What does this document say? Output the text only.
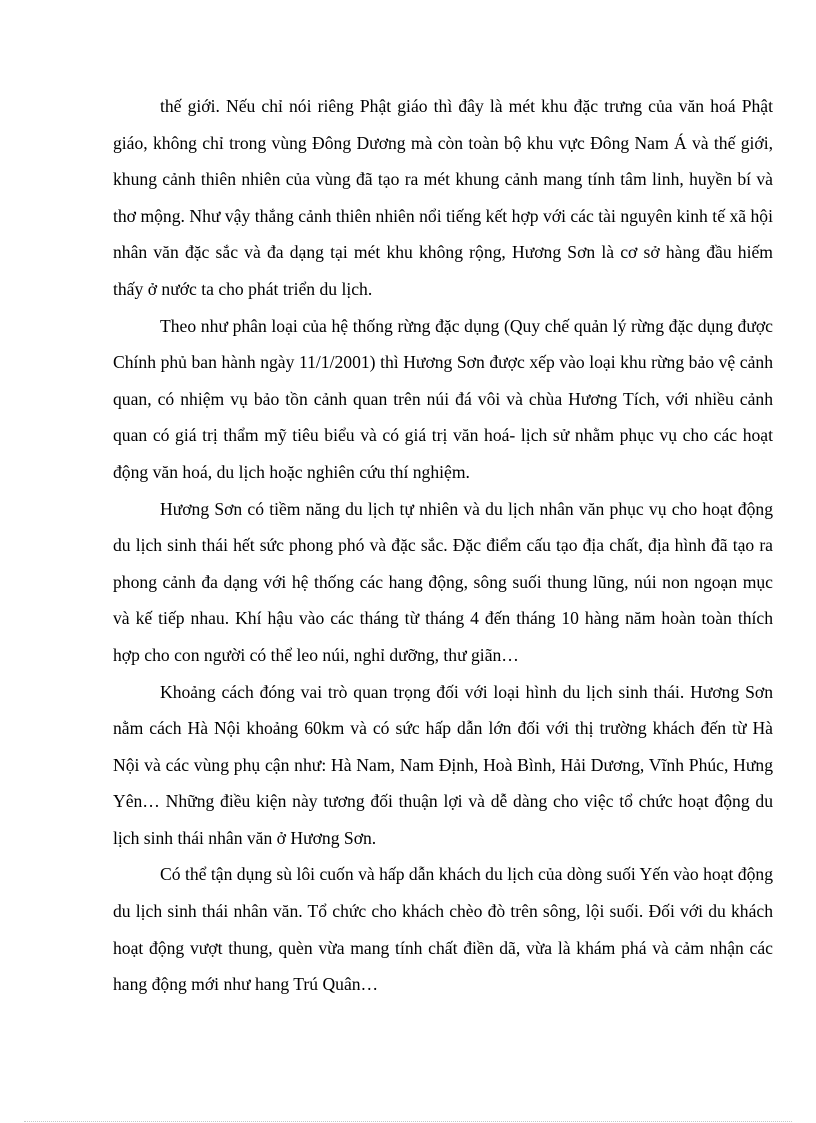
thế giới. Nếu chỉ nói riêng Phật giáo thì đây là mét khu đặc trưng của văn hoá Phật giáo, không chỉ trong vùng Đông Dương mà còn toàn bộ khu vực Đông Nam Á và thế giới, khung cảnh thiên nhiên của vùng đã tạo ra mét khung cảnh mang tính tâm linh, huyền bí và thơ mộng. Như vậy thắng cảnh thiên nhiên nổi tiếng kết hợp với các tài nguyên kinh tế xã hội nhân văn đặc sắc và đa dạng tại mét khu không rộng, Hương Sơn là cơ sở hàng đầu hiếm thấy ở nước ta cho phát triển du lịch.

Theo như phân loại của hệ thống rừng đặc dụng (Quy chế quản lý rừng đặc dụng được Chính phủ ban hành ngày 11/1/2001) thì Hương Sơn được xếp vào loại khu rừng bảo vệ cảnh quan, có nhiệm vụ bảo tồn cảnh quan trên núi đá vôi và chùa Hương Tích, với nhiều cảnh quan có giá trị thẩm mỹ tiêu biểu và có giá trị văn hoá- lịch sử nhằm phục vụ cho các hoạt động văn hoá, du lịch hoặc nghiên cứu thí nghiệm.

Hương Sơn có tiềm năng du lịch tự nhiên và du lịch nhân văn phục vụ cho hoạt động du lịch sinh thái hết sức phong phó và đặc sắc. Đặc điểm cấu tạo địa chất, địa hình đã tạo ra phong cảnh đa dạng với hệ thống các hang động, sông suối thung lũng, núi non ngoạn mục và kế tiếp nhau. Khí hậu vào các tháng từ tháng 4 đến tháng 10 hàng năm hoàn toàn thích hợp cho con người có thể leo núi, nghỉ dưỡng, thư giãn…

Khoảng cách đóng vai trò quan trọng đối với loại hình du lịch sinh thái. Hương Sơn nằm cách Hà Nội khoảng 60km và có sức hấp dẫn lớn đối với thị trường khách đến từ Hà Nội và các vùng phụ cận như: Hà Nam, Nam Định, Hoà Bình, Hải Dương, Vĩnh Phúc, Hưng Yên… Những điều kiện này tương đối thuận lợi và dễ dàng cho việc tổ chức hoạt động du lịch sinh thái nhân văn ở Hương Sơn.

Có thể tận dụng sù lôi cuốn và hấp dẫn khách du lịch của dòng suối Yến vào hoạt động du lịch sinh thái nhân văn. Tổ chức cho khách chèo đò trên sông, lội suối. Đối với du khách hoạt động vượt thung, quèn vừa mang tính chất điền dã, vừa là khám phá và cảm nhận các hang động mới như hang Trú Quân…
